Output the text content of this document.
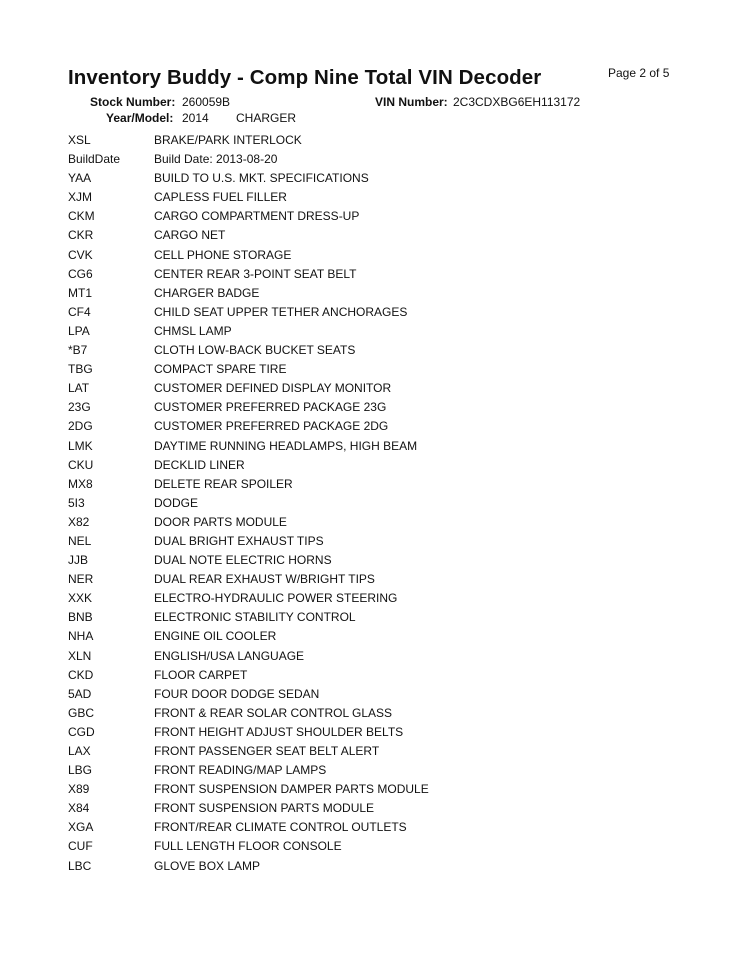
Inventory Buddy - Comp Nine Total VIN Decoder	Page 2 of 5
Stock Number: 260059B	VIN Number: 2C3CDXBG6EH113172
Year/Model: 2014 CHARGER
XSL	BRAKE/PARK INTERLOCK
BuildDate	Build Date: 2013-08-20
YAA	BUILD TO U.S. MKT. SPECIFICATIONS
XJM	CAPLESS FUEL FILLER
CKM	CARGO COMPARTMENT DRESS-UP
CKR	CARGO NET
CVK	CELL PHONE STORAGE
CG6	CENTER REAR 3-POINT SEAT BELT
MT1	CHARGER BADGE
CF4	CHILD SEAT UPPER TETHER ANCHORAGES
LPA	CHMSL LAMP
*B7	CLOTH LOW-BACK BUCKET SEATS
TBG	COMPACT SPARE TIRE
LAT	CUSTOMER DEFINED DISPLAY MONITOR
23G	CUSTOMER PREFERRED PACKAGE 23G
2DG	CUSTOMER PREFERRED PACKAGE 2DG
LMK	DAYTIME RUNNING HEADLAMPS, HIGH BEAM
CKU	DECKLID LINER
MX8	DELETE REAR SPOILER
5I3	DODGE
X82	DOOR PARTS MODULE
NEL	DUAL BRIGHT EXHAUST TIPS
JJB	DUAL NOTE ELECTRIC HORNS
NER	DUAL REAR EXHAUST W/BRIGHT TIPS
XXK	ELECTRO-HYDRAULIC POWER STEERING
BNB	ELECTRONIC STABILITY CONTROL
NHA	ENGINE OIL COOLER
XLN	ENGLISH/USA LANGUAGE
CKD	FLOOR CARPET
5AD	FOUR DOOR DODGE SEDAN
GBC	FRONT & REAR SOLAR CONTROL GLASS
CGD	FRONT HEIGHT ADJUST SHOULDER BELTS
LAX	FRONT PASSENGER SEAT BELT ALERT
LBG	FRONT READING/MAP LAMPS
X89	FRONT SUSPENSION DAMPER PARTS MODULE
X84	FRONT SUSPENSION PARTS MODULE
XGA	FRONT/REAR CLIMATE CONTROL OUTLETS
CUF	FULL LENGTH FLOOR CONSOLE
LBC	GLOVE BOX LAMP
